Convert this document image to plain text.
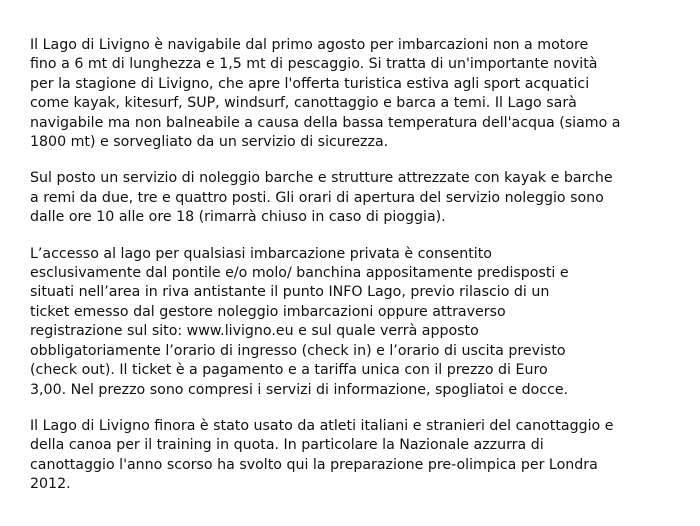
Il Lago di Livigno è navigabile dal primo agosto per imbarcazioni non a motore
fino a 6 mt di lunghezza e 1,5 mt di pescaggio. Si tratta di un'importante novità
per la stagione di Livigno, che apre l'offerta turistica estiva agli sport acquatici
come kayak, kitesurf, SUP, windsurf, canottaggio e barca a temi. Il Lago sarà
navigabile ma non balneabile a causa della bassa temperatura dell'acqua (siamo a
1800 mt) e sorvegliato da un servizio di sicurezza.

Sul posto un servizio di noleggio barche e strutture attrezzate con kayak e barche
a remi da due, tre e quattro posti. Gli orari di apertura del servizio noleggio sono
dalle ore 10 alle ore 18 (rimarrà chiuso in caso di pioggia).

L’accesso al lago per qualsiasi imbarcazione privata è consentito
esclusivamente dal pontile e/o molo/ banchina appositamente predisposti e
situati nell’area in riva antistante il punto INFO Lago, previo rilascio di un
ticket emesso dal gestore noleggio imbarcazioni oppure attraverso
registrazione sul sito: www.livigno.eu e sul quale verrà apposto
obbligatoriamente l’orario di ingresso (check in) e l’orario di uscita previsto
(check out). Il ticket è a pagamento e a tariffa unica con il prezzo di Euro
3,00. Nel prezzo sono compresi i servizi di informazione, spogliatoi e docce.

Il Lago di Livigno finora è stato usato da atleti italiani e stranieri del canottaggio e
della canoa per il training in quota. In particolare la Nazionale azzurra di
canottaggio l'anno scorso ha svolto qui la preparazione pre-olimpica per Londra
2012.
